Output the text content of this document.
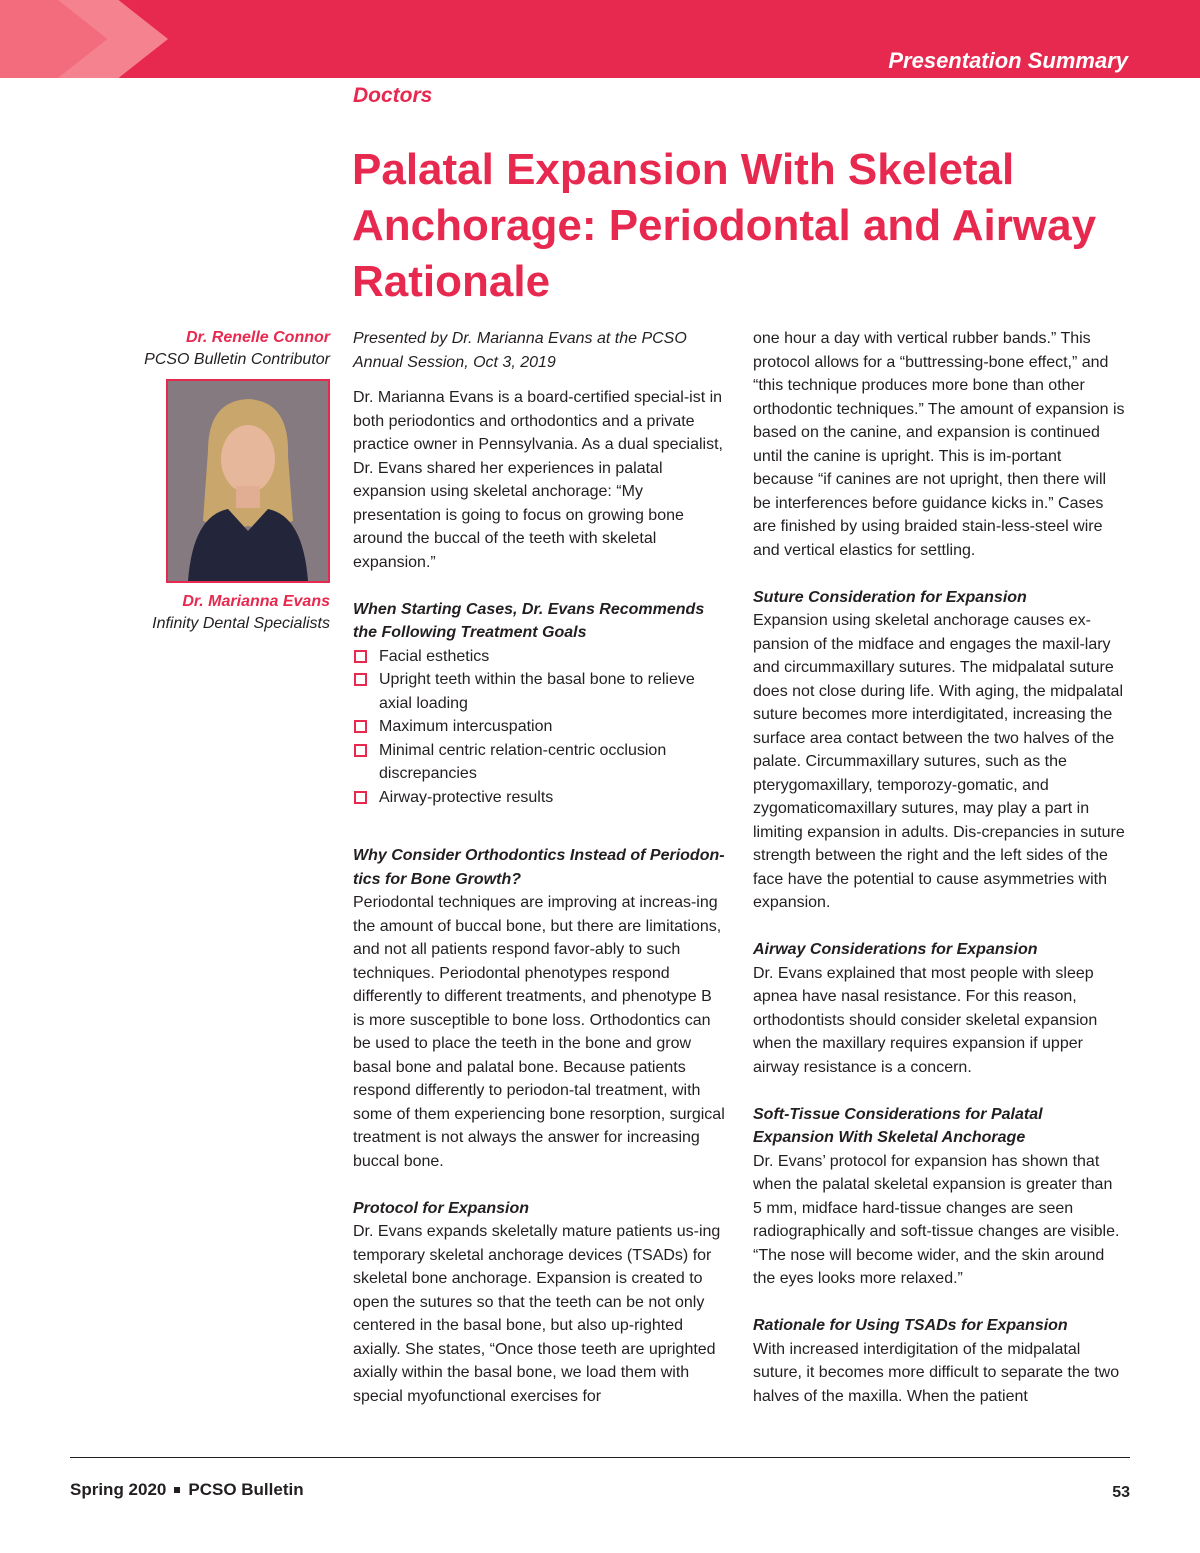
Presentation Summary
Doctors
Palatal Expansion With Skeletal Anchorage: Periodontal and Airway Rationale
Dr. Renelle Connor
PCSO Bulletin Contributor
Dr. Marianna Evans
Infinity Dental Specialists

Presented by Dr. Marianna Evans at the PCSO Annual Session, Oct 3, 2019

Dr. Marianna Evans is a board-certified special-ist in both periodontics and orthodontics and a private practice owner in Pennsylvania. As a dual specialist, Dr. Evans shared her experiences in palatal expansion using skeletal anchorage: “My presentation is going to focus on growing bone around the buccal of the teeth with skeletal expansion.”

When Starting Cases, Dr. Evans Recommends the Following Treatment Goals

Facial esthetics
Upright teeth within the basal bone to relieve axial loading
Maximum intercuspation
Minimal centric relation-centric occlusion discrepancies
Airway-protective results

Why Consider Orthodontics Instead of Periodon-tics for Bone Growth?

Periodontal techniques are improving at increas-ing the amount of buccal bone, but there are limitations, and not all patients respond favor-ably to such techniques. Periodontal phenotypes respond differently to different treatments, and phenotype B is more susceptible to bone loss. Orthodontics can be used to place the teeth in the bone and grow basal bone and palatal bone. Because patients respond differently to periodon-tal treatment, with some of them experiencing bone resorption, surgical treatment is not always the answer for increasing buccal bone.

Protocol for Expansion

Dr. Evans expands skeletally mature patients us-ing temporary skeletal anchorage devices (TSADs) for skeletal bone anchorage. Expansion is created to open the sutures so that the teeth can be not only centered in the basal bone, but also up-righted axially. She states, “Once those teeth are uprighted axially within the basal bone, we load them with special myofunctional exercises for

one hour a day with vertical rubber bands.” This protocol allows for a “buttressing-bone effect,” and “this technique produces more bone than other orthodontic techniques.” The amount of expansion is based on the canine, and expansion is continued until the canine is upright. This is im-portant because “if canines are not upright, then there will be interferences before guidance kicks in.” Cases are finished by using braided stain-less-steel wire and vertical elastics for settling.

Suture Consideration for Expansion

Expansion using skeletal anchorage causes ex-pansion of the midface and engages the maxil-lary and circummaxillary sutures. The midpalatal suture does not close during life. With aging, the midpalatal suture becomes more interdigitated, increasing the surface area contact between the two halves of the palate. Circummaxillary sutures, such as the pterygomaxillary, temporozy-gomatic, and zygomaticomaxillary sutures, may play a part in limiting expansion in adults. Dis-crepancies in suture strength between the right and the left sides of the face have the potential to cause asymmetries with expansion.

Airway Considerations for Expansion

Dr. Evans explained that most people with sleep apnea have nasal resistance. For this reason, orthodontists should consider skeletal expansion when the maxillary requires expansion if upper airway resistance is a concern.

Soft-Tissue Considerations for Palatal Expansion With Skeletal Anchorage

Dr. Evans’ protocol for expansion has shown that when the palatal skeletal expansion is greater than 5 mm, midface hard-tissue changes are seen radiographically and soft-tissue changes are visible. “The nose will become wider, and the skin around the eyes looks more relaxed.”

Rationale for Using TSADs for Expansion

With increased interdigitation of the midpalatal suture, it becomes more difficult to separate the two halves of the maxilla. When the patient

Spring 2020 PCSO Bulletin	53
